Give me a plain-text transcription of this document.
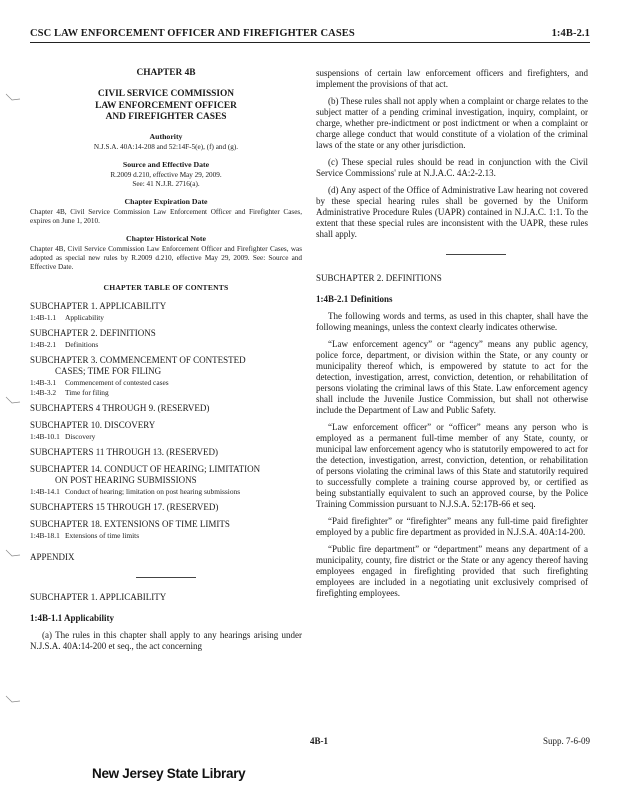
CSC LAW ENFORCEMENT OFFICER AND FIREFIGHTER CASES	1:4B-2.1
CHAPTER 4B
CIVIL SERVICE COMMISSION
LAW ENFORCEMENT OFFICER
AND FIREFIGHTER CASES
Authority
N.J.S.A. 40A:14-208 and 52:14F-5(e), (f) and (g).
Source and Effective Date
R.2009 d.210, effective May 29, 2009.
See: 41 N.J.R. 2716(a).
Chapter Expiration Date
Chapter 4B, Civil Service Commission Law Enforcement Officer and Firefighter Cases, expires on June 1, 2010.
Chapter Historical Note
Chapter 4B, Civil Service Commission Law Enforcement Officer and Firefighter Cases, was adopted as special new rules by R.2009 d.210, effective May 29, 2009. See: Source and Effective Date.
CHAPTER TABLE OF CONTENTS
SUBCHAPTER 1. APPLICABILITY
1:4B-1.1	Applicability
SUBCHAPTER 2. DEFINITIONS
1:4B-2.1	Definitions
SUBCHAPTER 3. COMMENCEMENT OF CONTESTED
CASES; TIME FOR FILING
1:4B-3.1	Commencement of contested cases
1:4B-3.2	Time for filing
SUBCHAPTERS 4 THROUGH 9. (RESERVED)
SUBCHAPTER 10. DISCOVERY
1:4B-10.1 Discovery
SUBCHAPTERS 11 THROUGH 13. (RESERVED)
SUBCHAPTER 14. CONDUCT OF HEARING; LIMITATION
ON POST HEARING SUBMISSIONS
1:4B-14.1 Conduct of hearing; limitation on post hearing submissions
SUBCHAPTERS 15 THROUGH 17. (RESERVED)
SUBCHAPTER 18. EXTENSIONS OF TIME LIMITS
1:4B-18.1 Extensions of time limits
APPENDIX
SUBCHAPTER 1. APPLICABILITY
1:4B-1.1 Applicability

(a) The rules in this chapter shall apply to any hearings arising under N.J.S.A. 40A:14-200 et seq., the act concerning

suspensions of certain law enforcement officers and firefighters, and implement the provisions of that act.

(b) These rules shall not apply when a complaint or charge relates to the subject matter of a pending criminal investigation, inquiry, complaint, or charge, whether pre-indictment or post indictment or when a complaint or charge allege conduct that would constitute of a violation of the criminal laws of the state or any other jurisdiction.

(c) These special rules should be read in conjunction with the Civil Service Commissions' rule at N.J.A.C. 4A:2-2.13.

(d) Any aspect of the Office of Administrative Law hearing not covered by these special hearing rules shall be governed by the Uniform Administrative Procedure Rules (UAPR) contained in N.J.A.C. 1:1. To the extent that these special rules are inconsistent with the UAPR, these rules shall apply.

SUBCHAPTER 2. DEFINITIONS
1:4B-2.1 Definitions

The following words and terms, as used in this chapter, shall have the following meanings, unless the context clearly indicates otherwise.

“Law enforcement agency” or “agency” means any public agency, police force, department, or division within the State, or any county or municipality thereof which, is empowered by statute to act for the detection, investigation, arrest, conviction, detention, or rehabilitation of persons violating the criminal laws of this State. Law enforcement agency shall include the Juvenile Justice Commission, but shall not otherwise include the Department of Law and Public Safety.

“Law enforcement officer” or “officer” means any person who is employed as a permanent full-time member of any State, county, or municipal law enforcement agency who is statutorily empowered to act for the detection, investigation, arrest, conviction, detention, or rehabilitation of persons violating the criminal laws of this State and statutorily required to successfully complete a training course approved by, or certified as being substantially equivalent to such an approved course, by the Police Training Commission pursuant to N.J.S.A. 52:17B-66 et seq.

“Paid firefighter” or “firefighter” means any full-time paid firefighter employed by a public fire department as provided in N.J.S.A. 40A:14-200.

“Public fire department” or “department” means any department of a municipality, county, fire district or the State or any agency thereof having employees engaged in firefighting provided that such firefighting employees are included in a negotiating unit exclusively comprised of firefighting employees.

4B-1	Supp. 7-6-09
New Jersey State Library
